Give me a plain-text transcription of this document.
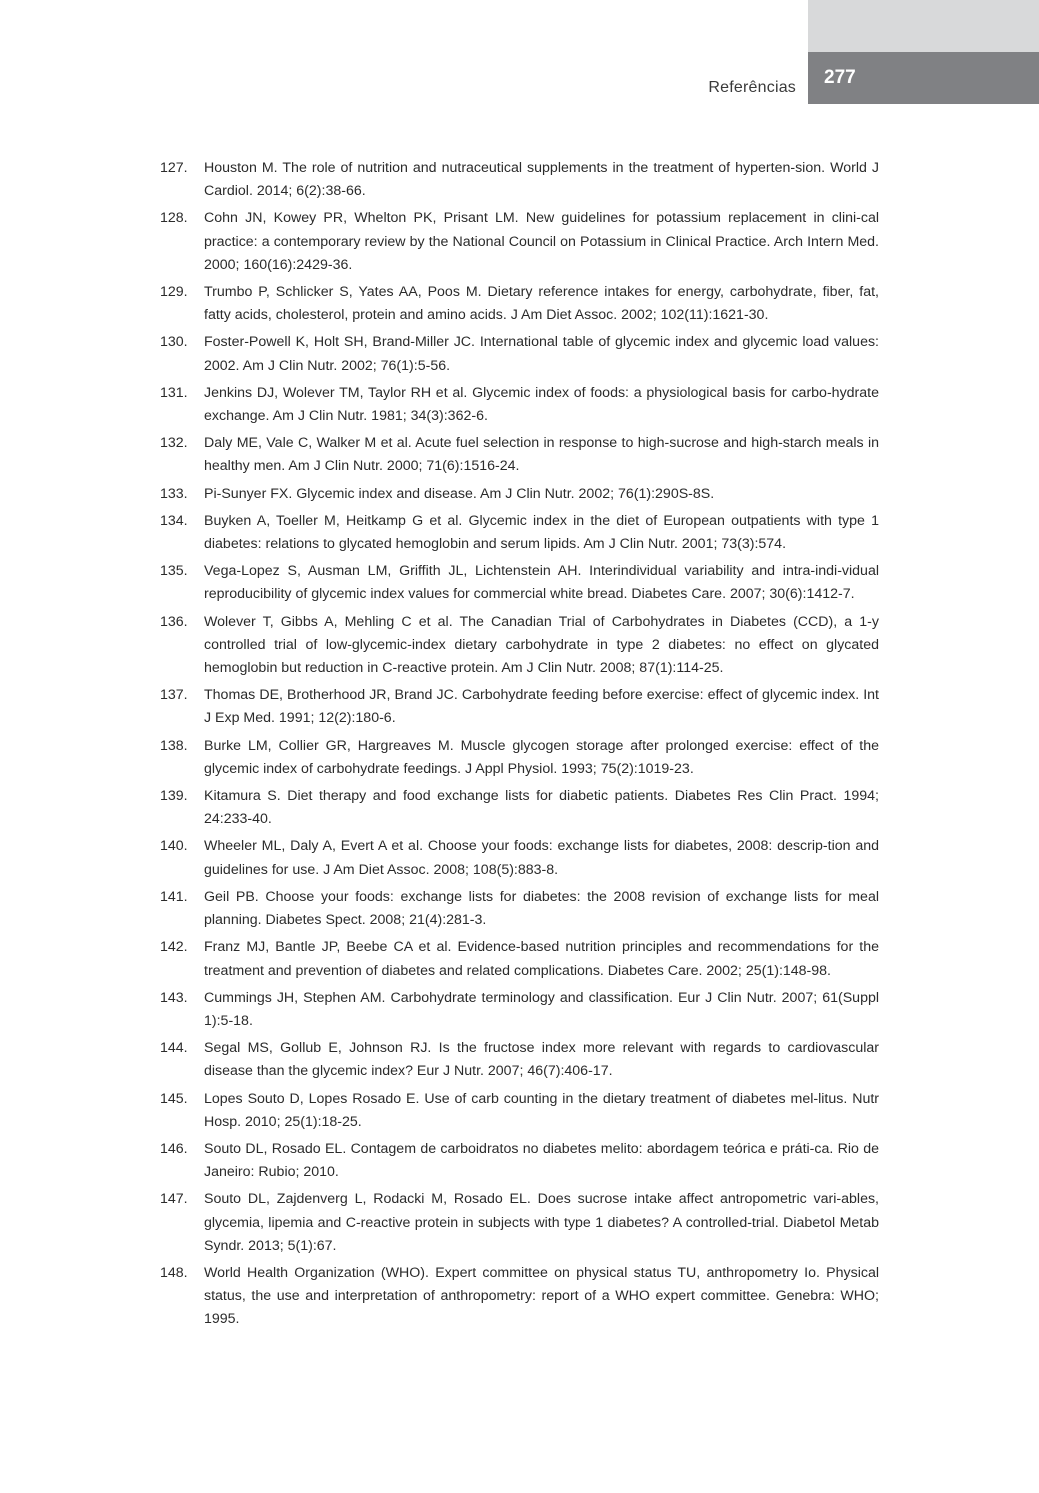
277
Referências
127. Houston M. The role of nutrition and nutraceutical supplements in the treatment of hyperten-sion. World J Cardiol. 2014; 6(2):38-66.
128. Cohn JN, Kowey PR, Whelton PK, Prisant LM. New guidelines for potassium replacement in clini-cal practice: a contemporary review by the National Council on Potassium in Clinical Practice. Arch Intern Med. 2000; 160(16):2429-36.
129. Trumbo P, Schlicker S, Yates AA, Poos M. Dietary reference intakes for energy, carbohydrate, fiber, fat, fatty acids, cholesterol, protein and amino acids. J Am Diet Assoc. 2002; 102(11):1621-30.
130. Foster-Powell K, Holt SH, Brand-Miller JC. International table of glycemic index and glycemic load values: 2002. Am J Clin Nutr. 2002; 76(1):5-56.
131. Jenkins DJ, Wolever TM, Taylor RH et al. Glycemic index of foods: a physiological basis for carbo-hydrate exchange. Am J Clin Nutr. 1981; 34(3):362-6.
132. Daly ME, Vale C, Walker M et al. Acute fuel selection in response to high-sucrose and high-starch meals in healthy men. Am J Clin Nutr. 2000; 71(6):1516-24.
133. Pi-Sunyer FX. Glycemic index and disease. Am J Clin Nutr. 2002; 76(1):290S-8S.
134. Buyken A, Toeller M, Heitkamp G et al. Glycemic index in the diet of European outpatients with type 1 diabetes: relations to glycated hemoglobin and serum lipids. Am J Clin Nutr. 2001; 73(3):574.
135. Vega-Lopez S, Ausman LM, Griffith JL, Lichtenstein AH. Interindividual variability and intra-indi-vidual reproducibility of glycemic index values for commercial white bread. Diabetes Care. 2007; 30(6):1412-7.
136. Wolever T, Gibbs A, Mehling C et al. The Canadian Trial of Carbohydrates in Diabetes (CCD), a 1-y controlled trial of low-glycemic-index dietary carbohydrate in type 2 diabetes: no effect on glycated hemoglobin but reduction in C-reactive protein. Am J Clin Nutr. 2008; 87(1):114-25.
137. Thomas DE, Brotherhood JR, Brand JC. Carbohydrate feeding before exercise: effect of glycemic index. Int J Exp Med. 1991; 12(2):180-6.
138. Burke LM, Collier GR, Hargreaves M. Muscle glycogen storage after prolonged exercise: effect of the glycemic index of carbohydrate feedings. J Appl Physiol. 1993; 75(2):1019-23.
139. Kitamura S. Diet therapy and food exchange lists for diabetic patients. Diabetes Res Clin Pract. 1994; 24:233-40.
140. Wheeler ML, Daly A, Evert A et al. Choose your foods: exchange lists for diabetes, 2008: descrip-tion and guidelines for use. J Am Diet Assoc. 2008; 108(5):883-8.
141. Geil PB. Choose your foods: exchange lists for diabetes: the 2008 revision of exchange lists for meal planning. Diabetes Spect. 2008; 21(4):281-3.
142. Franz MJ, Bantle JP, Beebe CA et al. Evidence-based nutrition principles and recommendations for the treatment and prevention of diabetes and related complications. Diabetes Care. 2002; 25(1):148-98.
143. Cummings JH, Stephen AM. Carbohydrate terminology and classification. Eur J Clin Nutr. 2007; 61(Suppl 1):5-18.
144. Segal MS, Gollub E, Johnson RJ. Is the fructose index more relevant with regards to cardiovascular disease than the glycemic index? Eur J Nutr. 2007; 46(7):406-17.
145. Lopes Souto D, Lopes Rosado E. Use of carb counting in the dietary treatment of diabetes mel-litus. Nutr Hosp. 2010; 25(1):18-25.
146. Souto DL, Rosado EL. Contagem de carboidratos no diabetes melito: abordagem teórica e práti-ca. Rio de Janeiro: Rubio; 2010.
147. Souto DL, Zajdenverg L, Rodacki M, Rosado EL. Does sucrose intake affect antropometric vari-ables, glycemia, lipemia and C-reactive protein in subjects with type 1 diabetes? A controlled-trial. Diabetol Metab Syndr. 2013; 5(1):67.
148. World Health Organization (WHO). Expert committee on physical status TU, anthropometry Io. Physical status, the use and interpretation of anthropometry: report of a WHO expert committee. Genebra: WHO; 1995.
